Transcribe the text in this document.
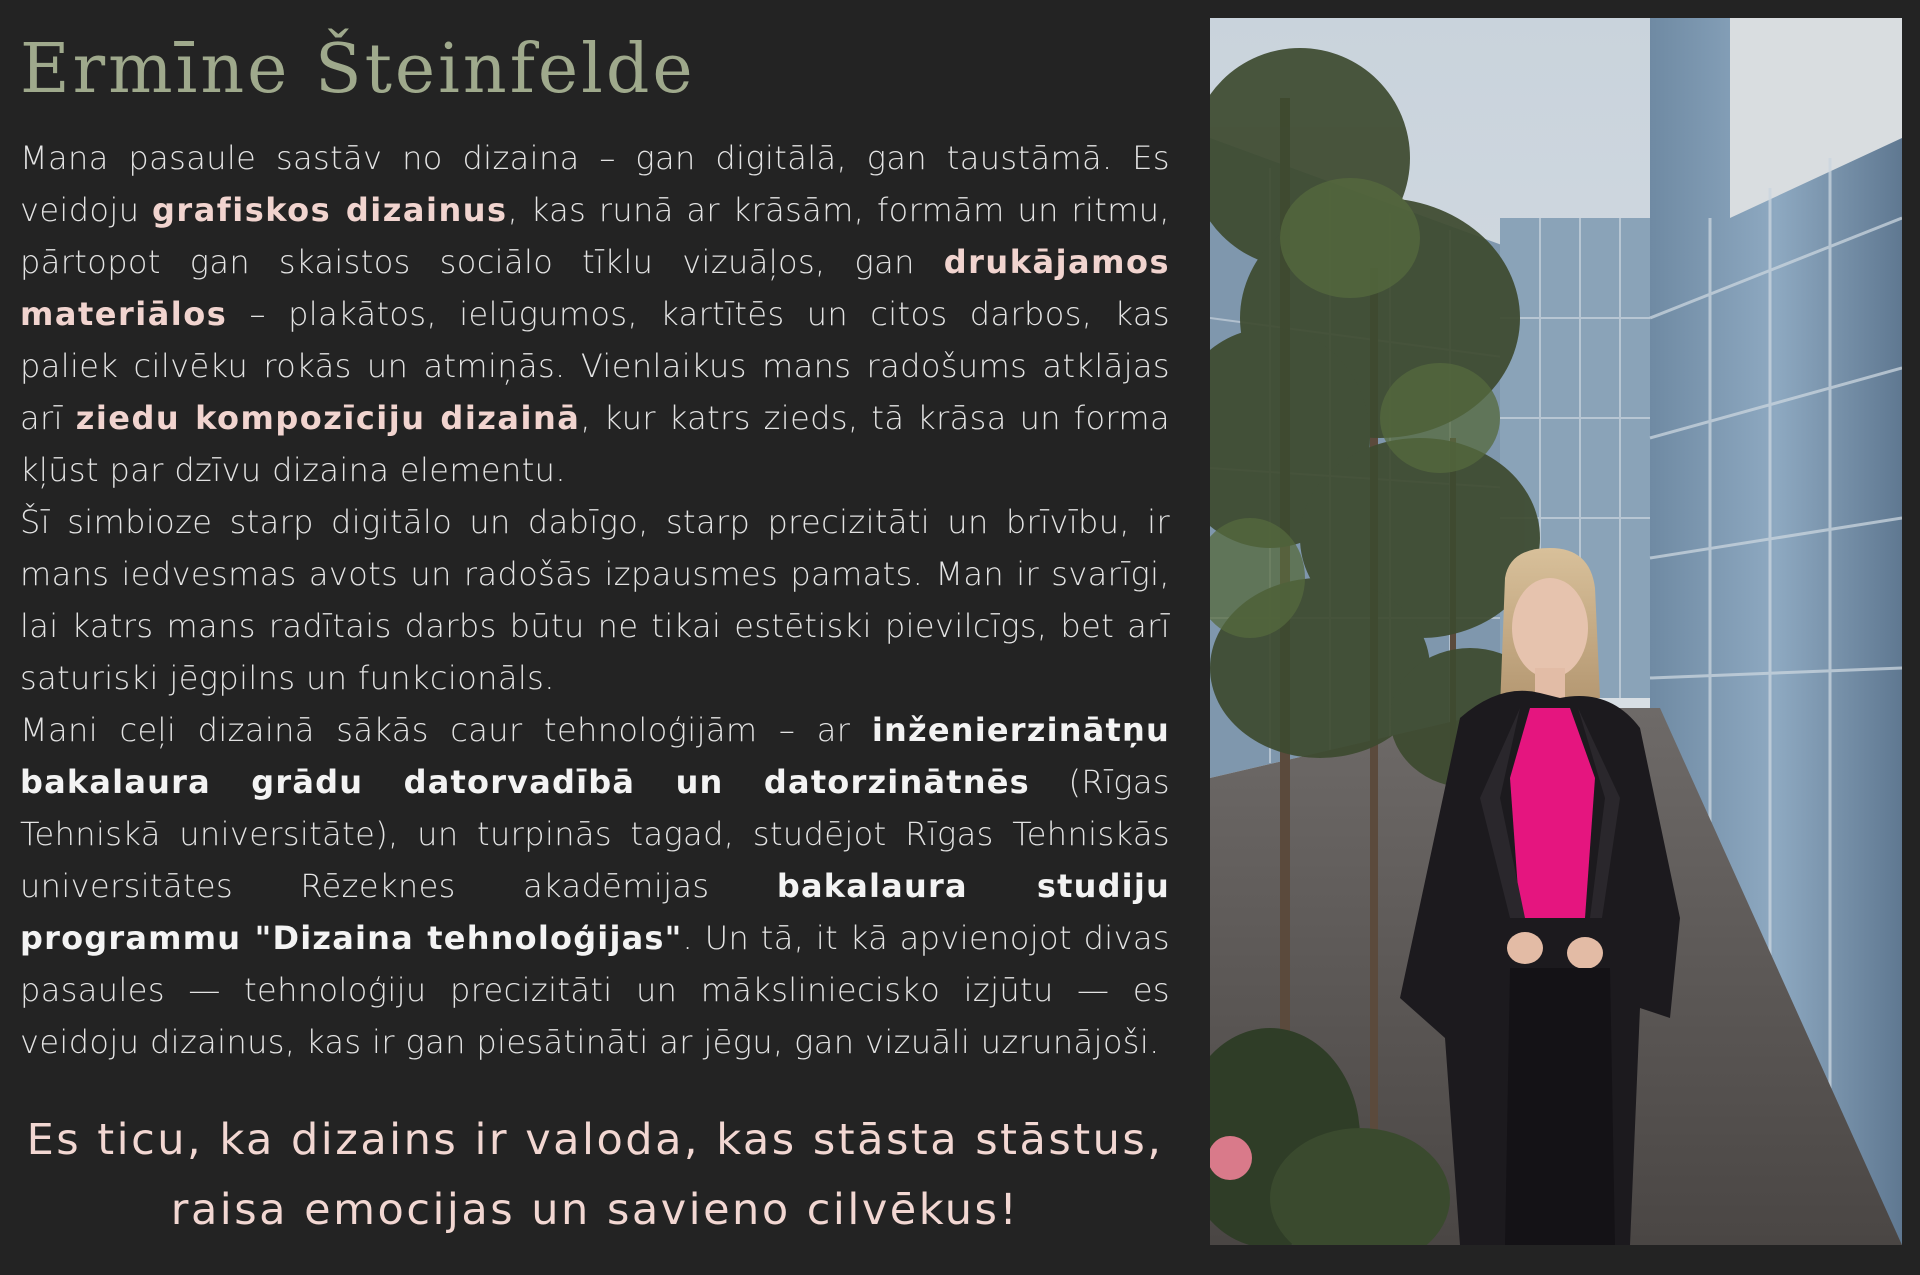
Ermīne Šteinfelde

Mana pasaule sastāv no dizaina – gan digitālā, gan taustāmā. Es veidoju grafiskos dizainus, kas runā ar krāsām, formām un ritmu, pārtopot gan skaistos sociālo tīklu vizuāļos, gan drukājamos materiālos – plakātos, ielūgumos, kartītēs un citos darbos, kas paliek cilvēku rokās un atmiņās. Vienlaikus mans radošums atklājas arī ziedu kompozīciju dizainā, kur katrs zieds, tā krāsa un forma kļūst par dzīvu dizaina elementu.

Šī simbioze starp digitālo un dabīgo, starp precizitāti un brīvību, ir mans iedvesmas avots un radošās izpausmes pamats. Man ir svarīgi, lai katrs mans radītais darbs būtu ne tikai estētiski pievilcīgs, bet arī saturiski jēgpilns un funkcionāls.

Mani ceļi dizainā sākās caur tehnoloģijām – ar inženierzinātņu bakalaura grādu datorvadībā un datorzinātnēs (Rīgas Tehniskā universitāte), un turpinās tagad, studējot Rīgas Tehniskās universitātes Rēzeknes akadēmijas bakalaura studiju programmu "Dizaina tehnoloģijas". Un tā, it kā apvienojot divas pasaules — tehnoloģiju precizitāti un mākslinieciskо izjūtu — es veidoju dizainus, kas ir gan piesātināti ar jēgu, gan vizuāli uzrunājoši.

Es ticu, ka dizains ir valoda, kas stāsta stāstus,
raisa emocijas un savieno cilvēkus!
